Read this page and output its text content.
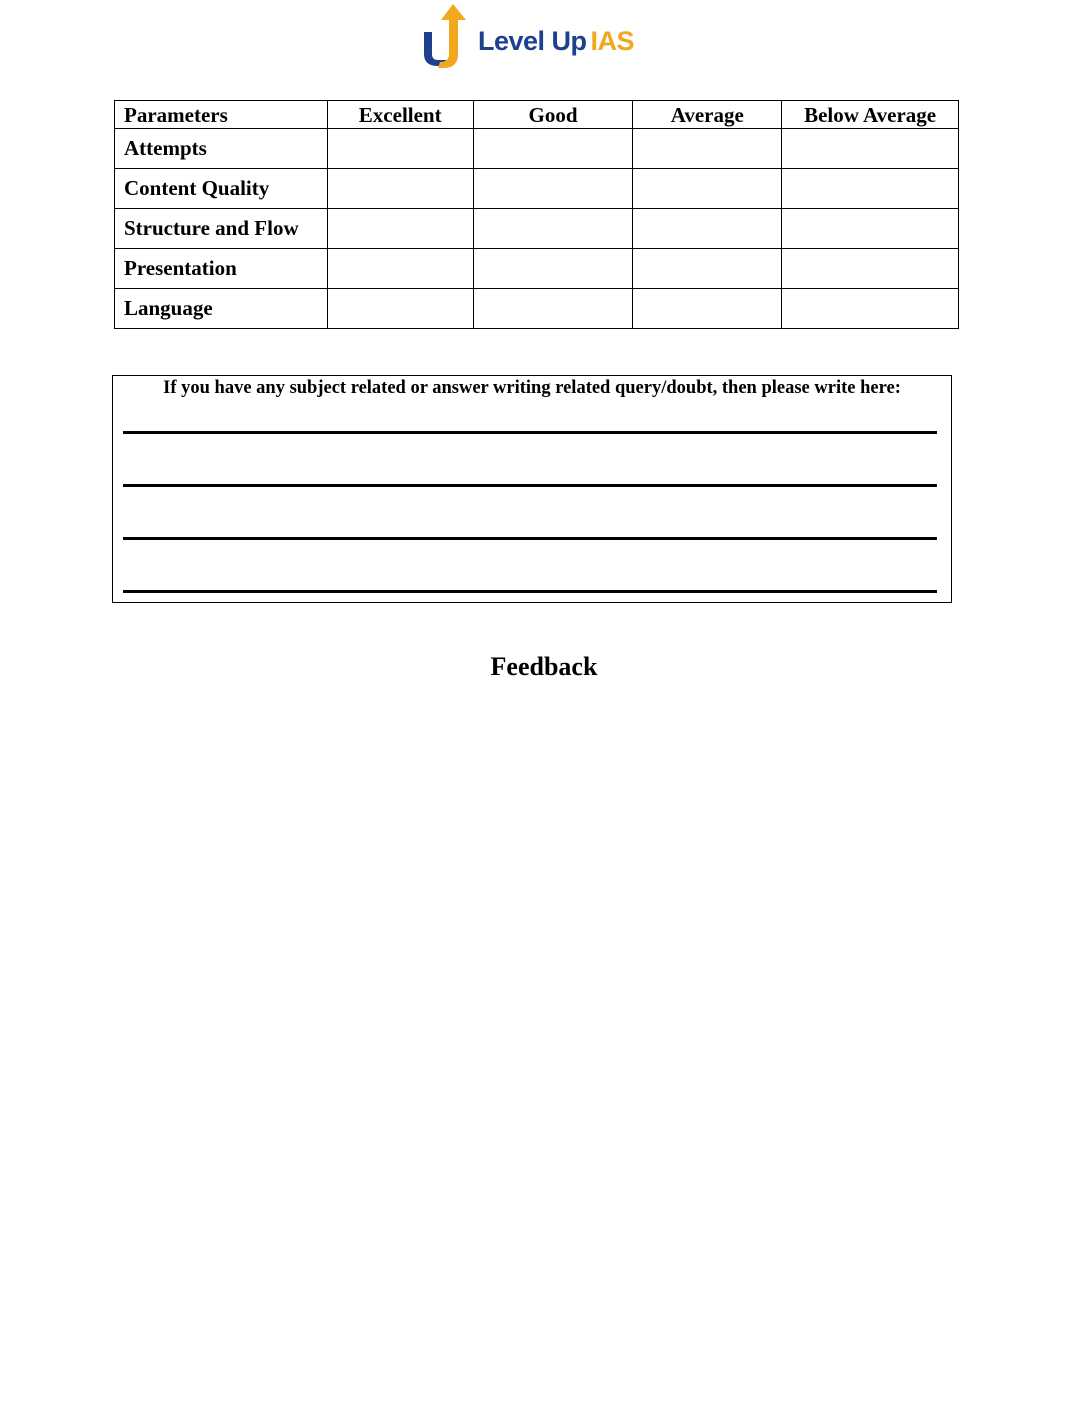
Level Up IAS
Parameters	Excellent	Good	Average	Below Average
Attempts				
Content Quality				
Structure and Flow				
Presentation				
Language				
If you have any subject related or answer writing related query/doubt, then please write here:
Feedback
